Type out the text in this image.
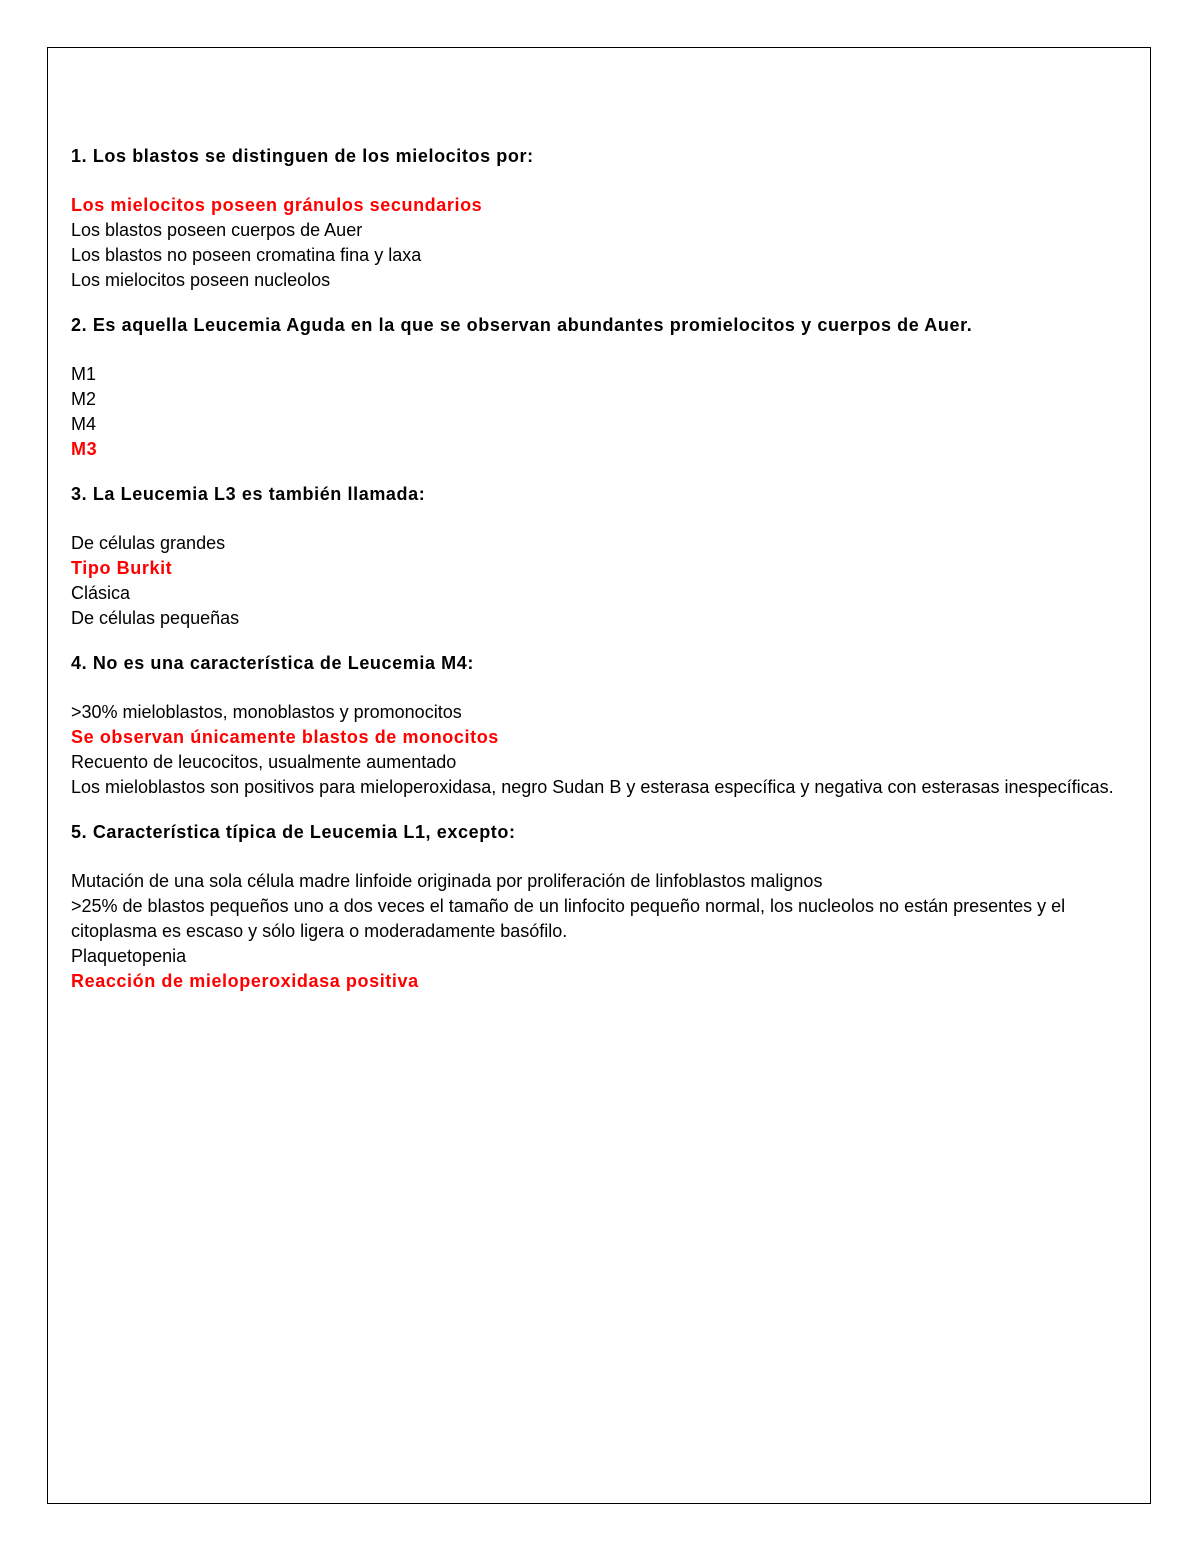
1. Los blastos se distinguen de los mielocitos por:

Los mielocitos poseen gránulos secundarios

Los blastos poseen cuerpos de Auer

Los blastos no poseen cromatina fina y laxa

Los mielocitos poseen nucleolos

2. Es aquella Leucemia Aguda en la que se observan abundantes promielocitos y cuerpos de Auer.

M1

M2

M4

M3

3. La Leucemia L3 es también llamada:

De células grandes

Tipo Burkit

Clásica

De células pequeñas

4. No es una característica de Leucemia M4:

>30% mieloblastos, monoblastos y promonocitos

Se observan únicamente blastos de monocitos

Recuento de leucocitos, usualmente aumentado

Los mieloblastos son positivos para mieloperoxidasa, negro Sudan B y esterasa específica y negativa con esterasas inespecíficas.

5. Característica típica de Leucemia L1, excepto:

Mutación de una sola célula madre linfoide originada por proliferación de linfoblastos malignos

>25% de blastos pequeños uno a dos veces el tamaño de un linfocito pequeño normal, los nucleolos no están presentes y el citoplasma es escaso y sólo ligera o moderadamente basófilo.

Plaquetopenia

Reacción de mieloperoxidasa positiva
